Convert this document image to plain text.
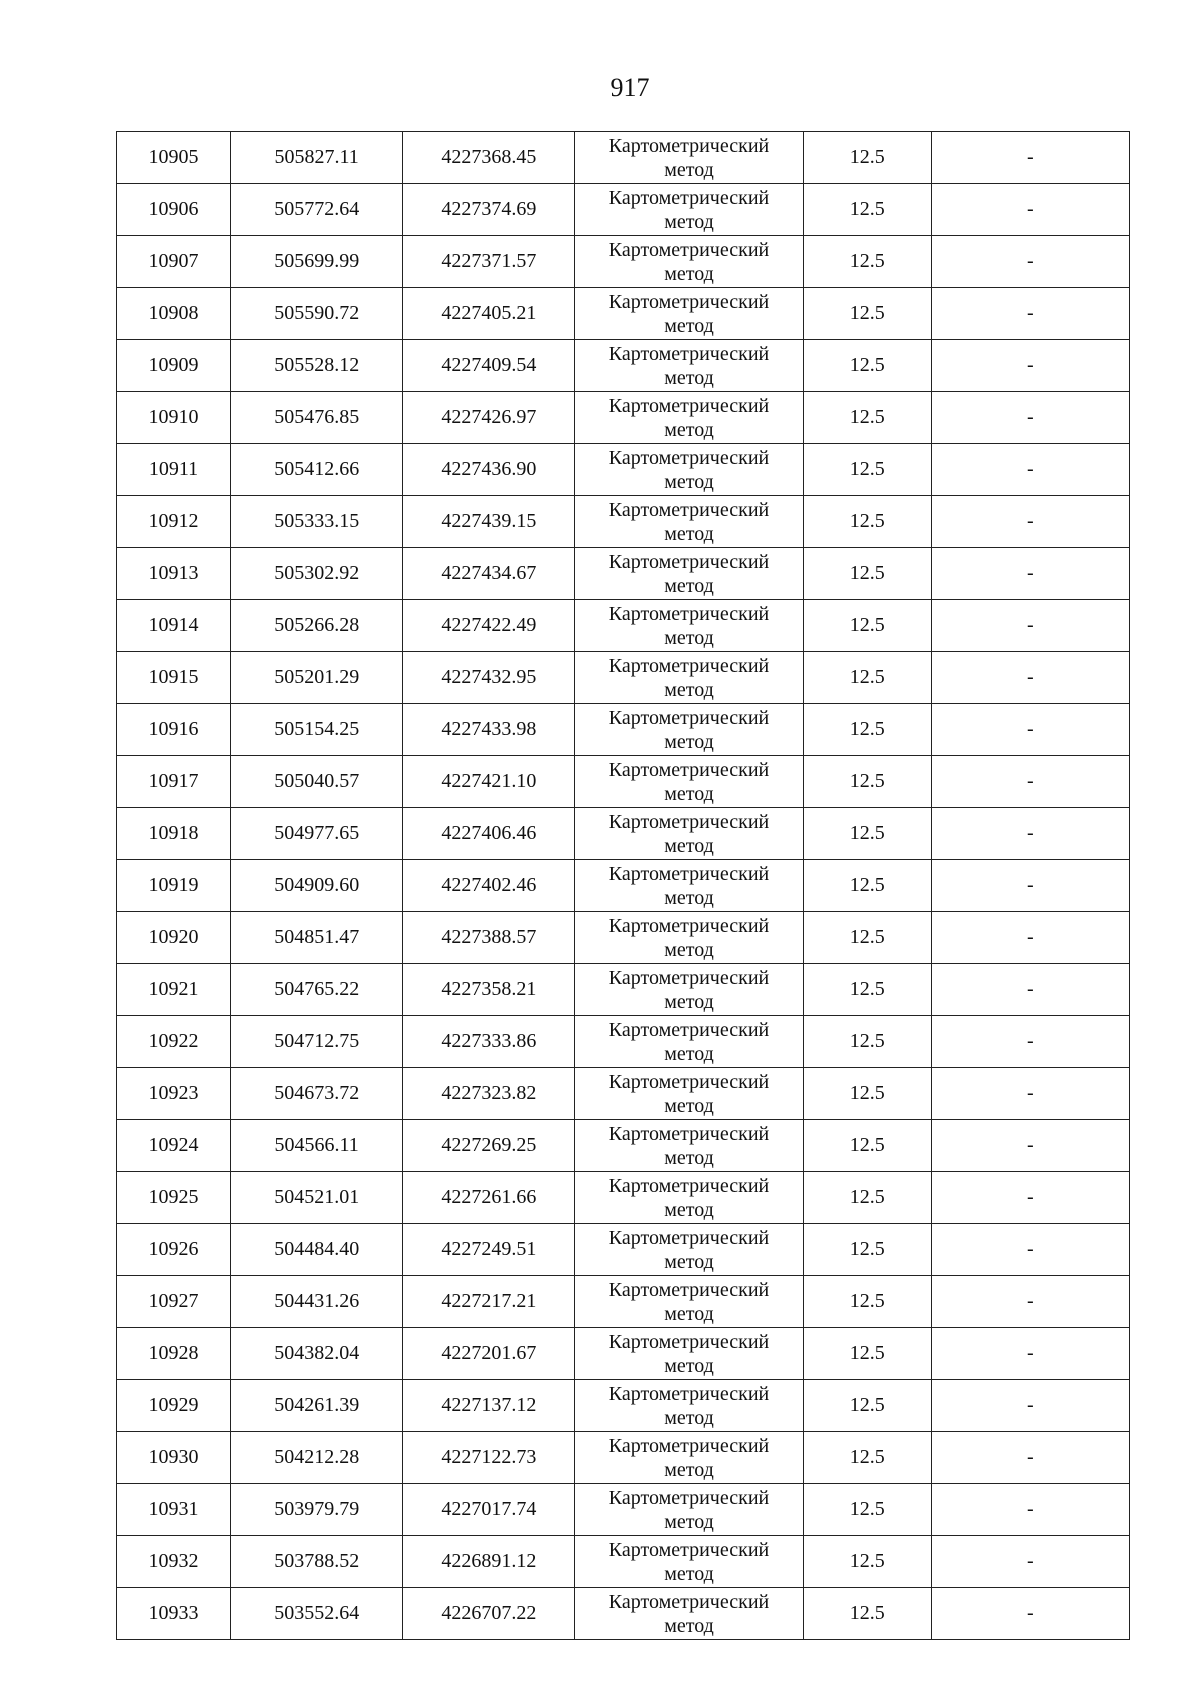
917
10905	505827.11	4227368.45	Картометрический
метод	12.5	-
10906	505772.64	4227374.69	Картометрический
метод	12.5	-
10907	505699.99	4227371.57	Картометрический
метод	12.5	-
10908	505590.72	4227405.21	Картометрический
метод	12.5	-
10909	505528.12	4227409.54	Картометрический
метод	12.5	-
10910	505476.85	4227426.97	Картометрический
метод	12.5	-
10911	505412.66	4227436.90	Картометрический
метод	12.5	-
10912	505333.15	4227439.15	Картометрический
метод	12.5	-
10913	505302.92	4227434.67	Картометрический
метод	12.5	-
10914	505266.28	4227422.49	Картометрический
метод	12.5	-
10915	505201.29	4227432.95	Картометрический
метод	12.5	-
10916	505154.25	4227433.98	Картометрический
метод	12.5	-
10917	505040.57	4227421.10	Картометрический
метод	12.5	-
10918	504977.65	4227406.46	Картометрический
метод	12.5	-
10919	504909.60	4227402.46	Картометрический
метод	12.5	-
10920	504851.47	4227388.57	Картометрический
метод	12.5	-
10921	504765.22	4227358.21	Картометрический
метод	12.5	-
10922	504712.75	4227333.86	Картометрический
метод	12.5	-
10923	504673.72	4227323.82	Картометрический
метод	12.5	-
10924	504566.11	4227269.25	Картометрический
метод	12.5	-
10925	504521.01	4227261.66	Картометрический
метод	12.5	-
10926	504484.40	4227249.51	Картометрический
метод	12.5	-
10927	504431.26	4227217.21	Картометрический
метод	12.5	-
10928	504382.04	4227201.67	Картометрический
метод	12.5	-
10929	504261.39	4227137.12	Картометрический
метод	12.5	-
10930	504212.28	4227122.73	Картометрический
метод	12.5	-
10931	503979.79	4227017.74	Картометрический
метод	12.5	-
10932	503788.52	4226891.12	Картометрический
метод	12.5	-
10933	503552.64	4226707.22	Картометрический
метод	12.5	-
